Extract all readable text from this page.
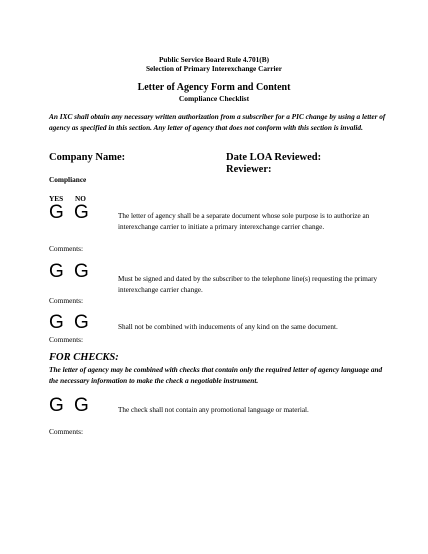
Public Service Board Rule 4.701(B)
Selection of Primary Interexchange Carrier
Letter of Agency Form and Content
Compliance Checklist
An IXC shall obtain any necessary written authorization from a subscriber for a PIC change by using a letter of agency as specified in this section. Any letter of agency that does not conform with this section is invalid.
Company Name:	Date LOA Reviewed:
Reviewer:
Compliance
YES NO
G G	The letter of agency shall be a separate document whose sole purpose is to authorize an interexchange carrier to initiate a primary interexchange carrier change.
Comments:
G G	Must be signed and dated by the subscriber to the telephone line(s) requesting the primary interexchange carrier change.
Comments:
G G	Shall not be combined with inducements of any kind on the same document.
Comments:
FOR CHECKS:
The letter of agency may be combined with checks that contain only the required letter of agency language and the necessary information to make the check a negotiable instrument.
G G	The check shall not contain any promotional language or material.
Comments:
